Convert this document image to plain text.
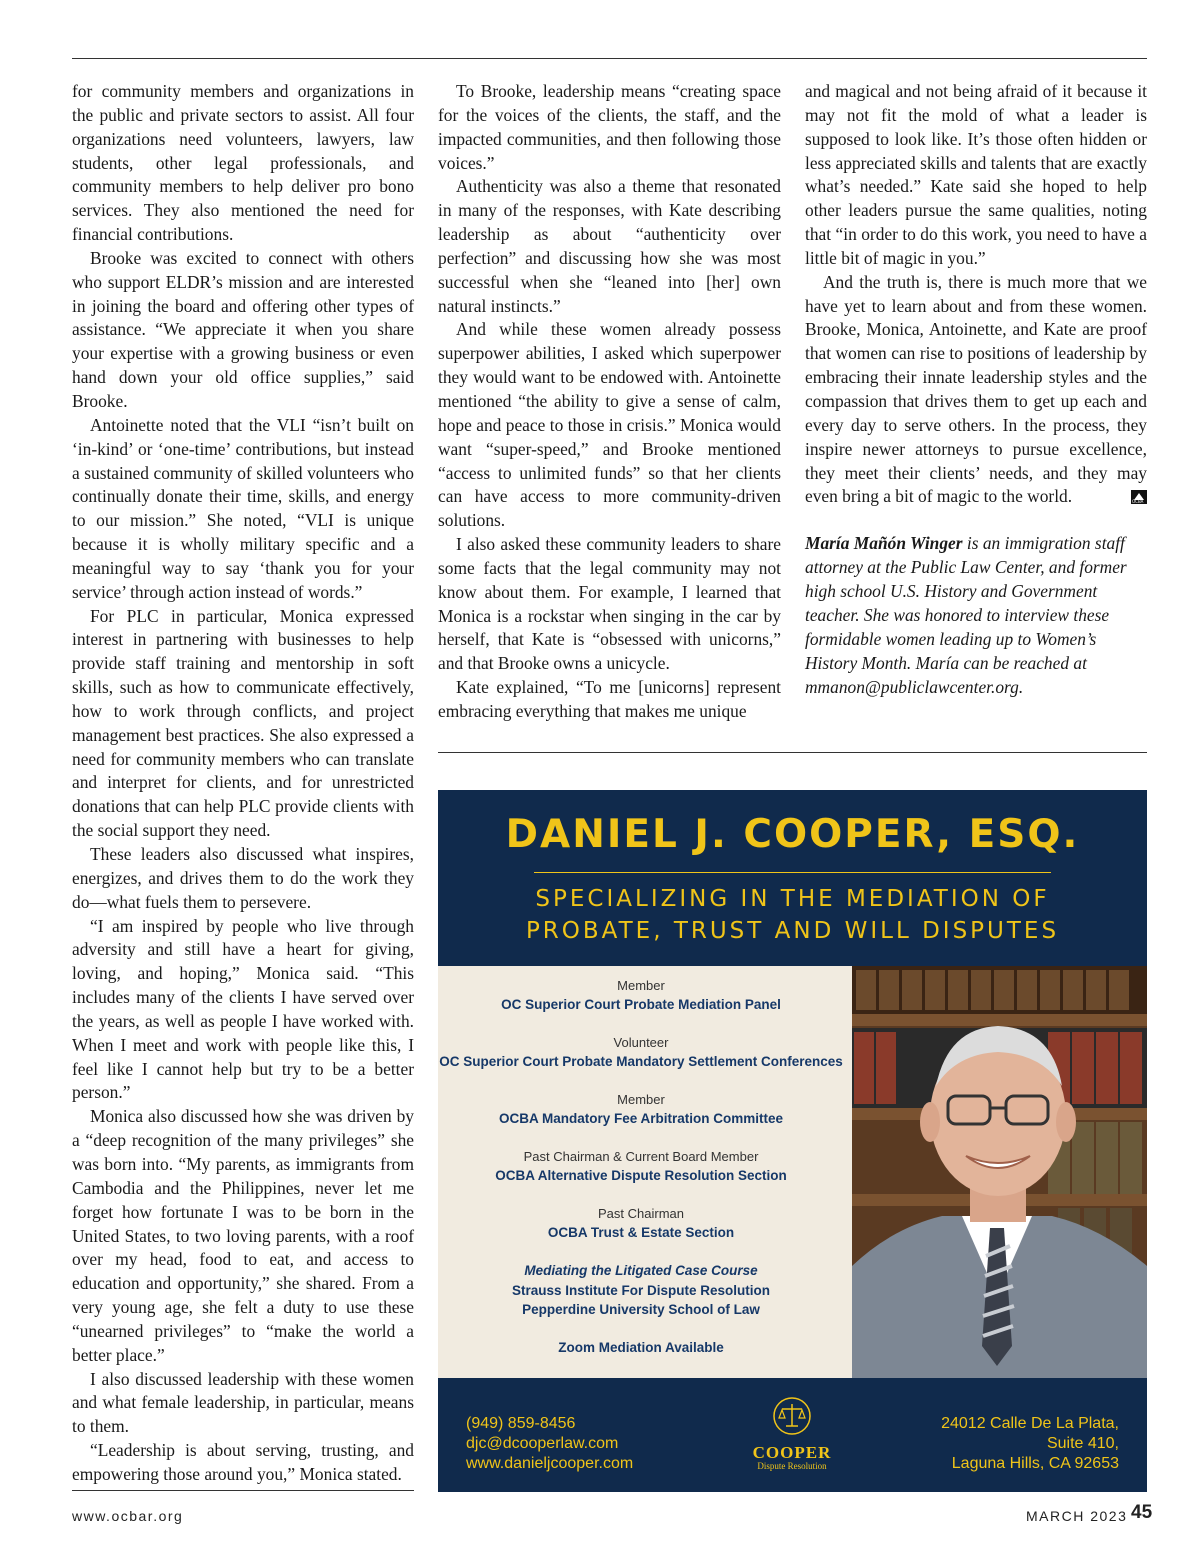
for community members and organizations in the public and private sectors to assist. All four organizations need volunteers, lawyers, law students, other legal professionals, and community members to help deliver pro bono services. They also mentioned the need for financial contributions.

Brooke was excited to connect with others who support ELDR’s mission and are interested in joining the board and offering other types of assistance. “We appreciate it when you share your expertise with a growing business or even hand down your old office supplies,” said Brooke.

Antoinette noted that the VLI “isn’t built on ‘in-kind’ or ‘one-time’ contributions, but instead a sustained community of skilled volunteers who continually donate their time, skills, and energy to our mission.” She noted, “VLI is unique because it is wholly military specific and a meaningful way to say ‘thank you for your service’ through action instead of words.”

For PLC in particular, Monica expressed interest in partnering with businesses to help provide staff training and mentorship in soft skills, such as how to communicate effectively, how to work through conflicts, and project management best practices. She also expressed a need for community members who can translate and interpret for clients, and for unrestricted donations that can help PLC provide clients with the social support they need.

These leaders also discussed what inspires, energizes, and drives them to do the work they do—what fuels them to persevere.

“I am inspired by people who live through adversity and still have a heart for giving, loving, and hoping,” Monica said. “This includes many of the clients I have served over the years, as well as people I have worked with. When I meet and work with people like this, I feel like I cannot help but try to be a better person.”

Monica also discussed how she was driven by a “deep recognition of the many privileges” she was born into. “My parents, as immigrants from Cambodia and the Philippines, never let me forget how fortunate I was to be born in the United States, to two loving parents, with a roof over my head, food to eat, and access to education and opportunity,” she shared. From a very young age, she felt a duty to use these “unearned privileges” to “make the world a better place.”

I also discussed leadership with these women and what female leadership, in particular, means to them.

“Leadership is about serving, trusting, and empowering those around you,” Monica stated.

To Brooke, leadership means “creating space for the voices of the clients, the staff, and the impacted communities, and then following those voices.”

Authenticity was also a theme that resonated in many of the responses, with Kate describing leadership as about “authenticity over perfection” and discussing how she was most successful when she “leaned into [her] own natural instincts.”

And while these women already possess superpower abilities, I asked which superpower they would want to be endowed with. Antoinette mentioned “the ability to give a sense of calm, hope and peace to those in crisis.” Monica would want “super-speed,” and Brooke mentioned “access to unlimited funds” so that her clients can have access to more community-driven solutions.

I also asked these community leaders to share some facts that the legal community may not know about them. For example, I learned that Monica is a rockstar when singing in the car by herself, that Kate is “obsessed with unicorns,” and that Brooke owns a unicycle.

Kate explained, “To me [unicorns] represent embracing everything that makes me unique

and magical and not being afraid of it because it may not fit the mold of what a leader is supposed to look like. It’s those often hidden or less appreciated skills and talents that are exactly what’s needed.” Kate said she hoped to help other leaders pursue the same qualities, noting that “in order to do this work, you need to have a little bit of magic in you.”

And the truth is, there is much more that we have yet to learn about and from these women. Brooke, Monica, Antoinette, and Kate are proof that women can rise to positions of leadership by embracing their innate leadership styles and the compassion that drives them to get up each and every day to serve others. In the process, they inspire newer attorneys to pursue excellence, they meet their clients’ needs, and they may even bring a bit of magic to the world.	OCBA

María Mañón Winger is an immigration staff attorney at the Public Law Center, and former high school U.S. History and Government teacher. She was honored to interview these formidable women leading up to Women’s History Month. María can be reached at mmanon@publiclawcenter.org.

DANIEL J. COOPER, ESQ.
SPECIALIZING IN THE MEDIATION OF
PROBATE, TRUST AND WILL DISPUTES
Member
OC Superior Court Probate Mediation Panel
Volunteer
OC Superior Court Probate Mandatory Settlement Conferences
Member
OCBA Mandatory Fee Arbitration Committee
Past Chairman & Current Board Member
OCBA Alternative Dispute Resolution Section
Past Chairman
OCBA Trust & Estate Section
Mediating the Litigated Case Course
Strauss Institute For Dispute Resolution
Pepperdine University School of Law
Zoom Mediation Available
(949) 859-8456
djc@dcooperlaw.com
www.danieljcooper.com
COOPER
Dispute Resolution
24012 Calle De La Plata,
Suite 410,
Laguna Hills, CA 92653
www.ocbar.org	MARCH 2023 45
